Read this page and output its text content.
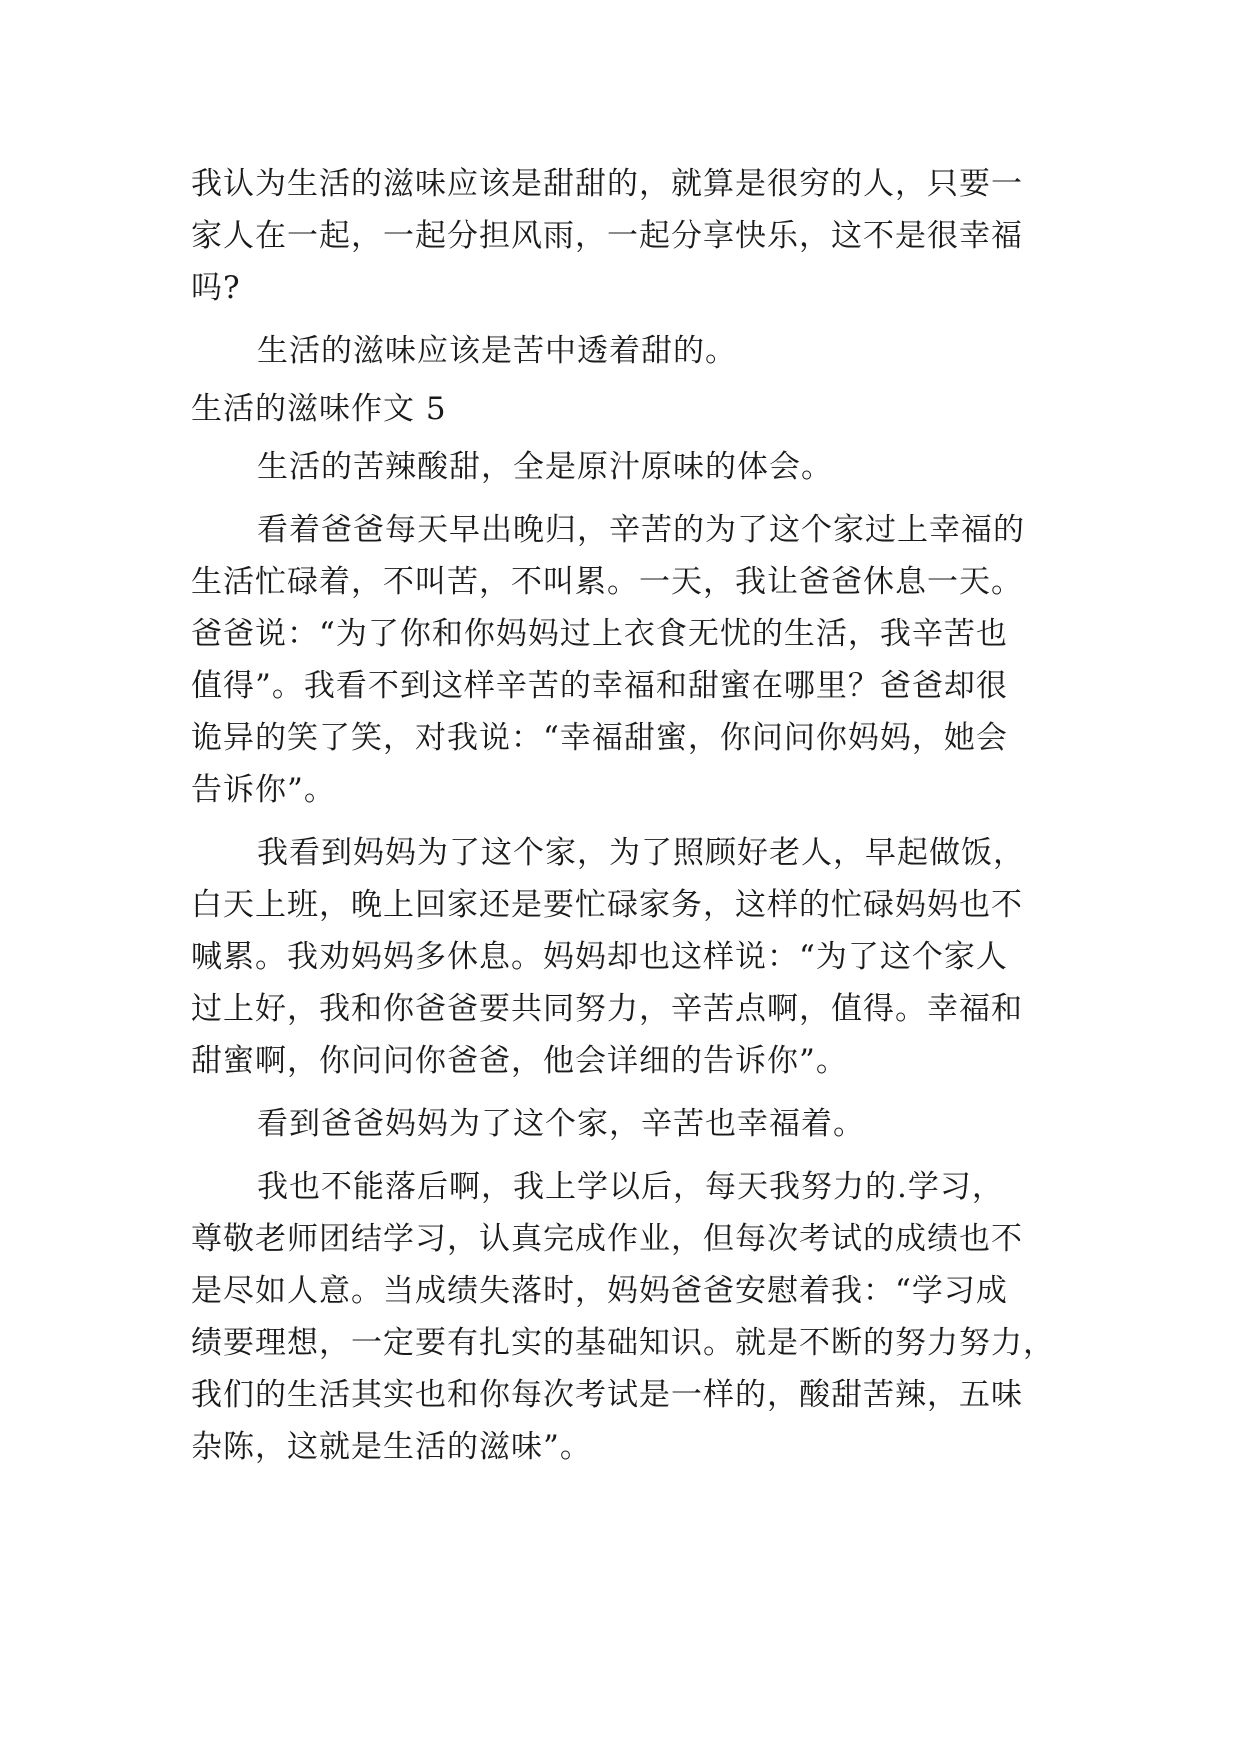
我认为生活的滋味应该是甜甜的，就算是很穷的人，只要一

家人在一起，一起分担风雨，一起分享快乐，这不是很幸福

吗?

生活的滋味应该是苦中透着甜的。

生活的滋味作文 5

生活的苦辣酸甜，全是原汁原味的体会。

看着爸爸每天早出晚归，辛苦的为了这个家过上幸福的

生活忙碌着，不叫苦，不叫累。一天，我让爸爸休息一天。

爸爸说：“为了你和你妈妈过上衣食无忧的生活，我辛苦也

值得”。我看不到这样辛苦的幸福和甜蜜在哪里？爸爸却很

诡异的笑了笑，对我说：“幸福甜蜜，你问问你妈妈，她会

告诉你”。

我看到妈妈为了这个家，为了照顾好老人，早起做饭，

白天上班，晚上回家还是要忙碌家务，这样的忙碌妈妈也不

喊累。我劝妈妈多休息。妈妈却也这样说：“为了这个家人

过上好，我和你爸爸要共同努力，辛苦点啊，值得。幸福和

甜蜜啊，你问问你爸爸，他会详细的告诉你”。

看到爸爸妈妈为了这个家，辛苦也幸福着。

我也不能落后啊，我上学以后，每天我努力的.学习，

尊敬老师团结学习，认真完成作业，但每次考试的成绩也不

是尽如人意。当成绩失落时，妈妈爸爸安慰着我：“学习成

绩要理想，一定要有扎实的基础知识。就是不断的努力努力，

我们的生活其实也和你每次考试是一样的，酸甜苦辣，五味

杂陈，这就是生活的滋味”。
